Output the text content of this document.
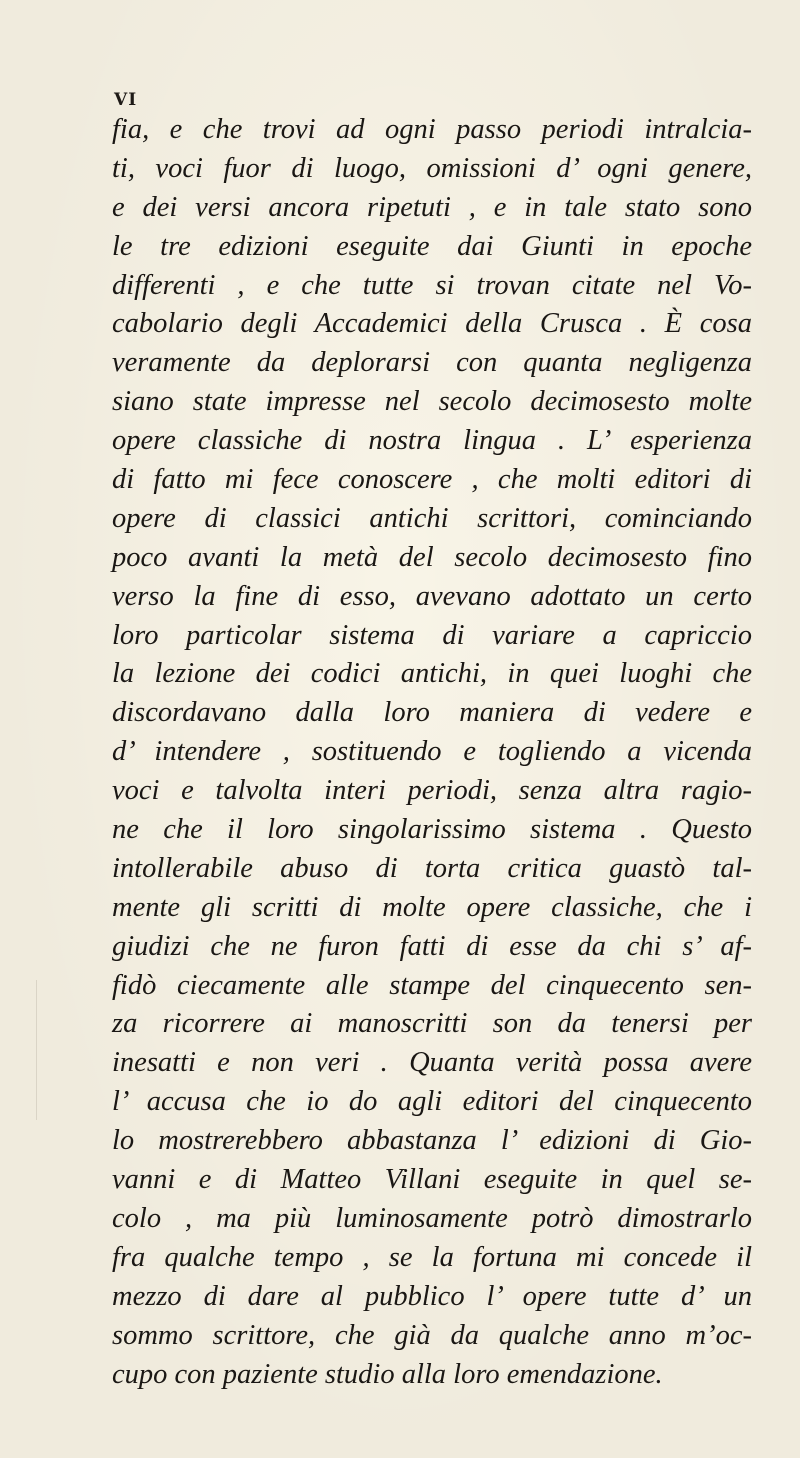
VI
fia, e che trovi ad ogni passo periodi intralcia-
ti, voci fuor di luogo, omissioni d’ ogni genere,
e dei versi ancora ripetuti , e in tale stato sono
le tre edizioni eseguite dai Giunti in epoche
differenti , e che tutte si trovan citate nel Vo-
cabolario degli Accademici della Crusca . È cosa
veramente da deplorarsi con quanta negligenza
siano state impresse nel secolo decimosesto molte
opere classiche di nostra lingua . L’ esperienza
di fatto mi fece conoscere , che molti editori di
opere di classici antichi scrittori, cominciando
poco avanti la metà del secolo decimosesto fino
verso la fine di esso, avevano adottato un certo
loro particolar sistema di variare a capriccio
la lezione dei codici antichi, in quei luoghi che
discordavano dalla loro maniera di vedere e
d’ intendere , sostituendo e togliendo a vicenda
voci e talvolta interi periodi, senza altra ragio-
ne che il loro singolarissimo sistema . Questo
intollerabile abuso di torta critica guastò tal-
mente gli scritti di molte opere classiche, che i
giudizi che ne furon fatti di esse da chi s’ af-
fidò ciecamente alle stampe del cinquecento sen-
za ricorrere ai manoscritti son da tenersi per
inesatti e non veri . Quanta verità possa avere
l’ accusa che io do agli editori del cinquecento
lo mostrerebbero abbastanza l’ edizioni di Gio-
vanni e di Matteo Villani eseguite in quel se-
colo , ma più luminosamente potrò dimostrarlo
fra qualche tempo , se la fortuna mi concede il
mezzo di dare al pubblico l’ opere tutte d’ un
sommo scrittore, che già da qualche anno m’oc-
cupo con paziente studio alla loro emendazione.
